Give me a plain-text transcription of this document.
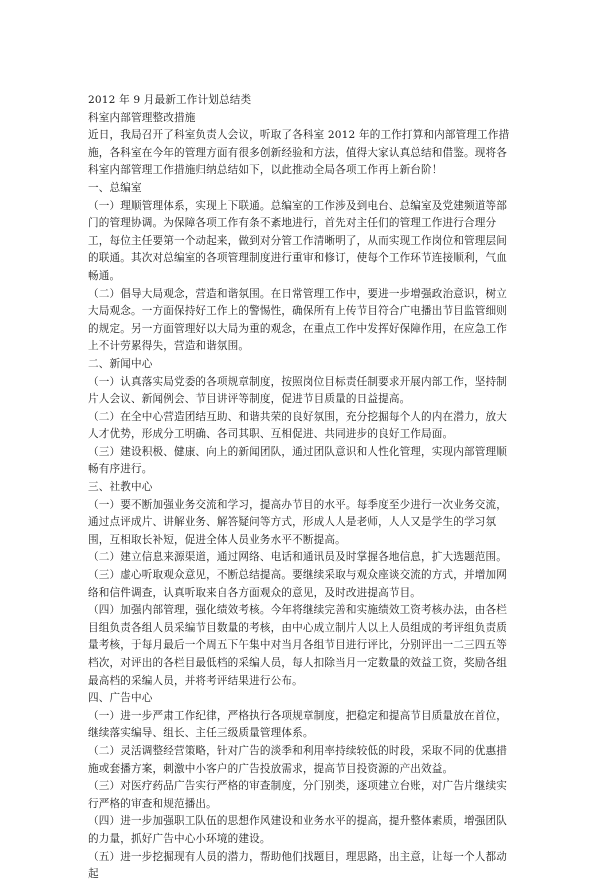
2012 年 9 月最新工作计划总结类

科室内部管理整改措施

近日，我局召开了科室负责人会议，听取了各科室 2012 年的工作打算和内部管理工作措施，各科室在今年的管理方面有很多创新经验和方法，值得大家认真总结和借鉴。现将各科室内部管理工作措施归纳总结如下，以此推动全局各项工作再上新台阶！

一、总编室

（一）理顺管理体系，实现上下联通。总编室的工作涉及到电台、总编室及党建频道等部门的管理协调。为保障各项工作有条不紊地进行，首先对主任们的管理工作进行合理分工，每位主任要第一个动起来，做到对分管工作清晰明了，从而实现工作岗位和管理层间的联通。其次对总编室的各项管理制度进行重审和修订，使每个工作环节连接顺利，气血畅通。

（二）倡导大局观念，营造和谐氛围。在日常管理工作中，要进一步增强政治意识，树立大局观念。一方面保持好工作上的警惕性，确保所有上传节目符合广电播出节目监管细则的规定。另一方面管理好以大局为重的观念，在重点工作中发挥好保障作用，在应急工作上不计劳累得失，营造和谐氛围。

二、新闻中心

（一）认真落实局党委的各项规章制度，按照岗位目标责任制要求开展内部工作，坚持制片人会议、新闻例会、节目讲评等制度，促进节目质量的日益提高。

（二）在全中心营造团结互助、和谐共荣的良好氛围，充分挖掘每个人的内在潜力，放大人才优势，形成分工明确、各司其职、互相促进、共同进步的良好工作局面。

（三）建设积极、健康、向上的新闻团队，通过团队意识和人性化管理，实现内部管理顺畅有序进行。

三、社教中心

（一）要不断加强业务交流和学习，提高办节目的水平。每季度至少进行一次业务交流，通过点评成片、讲解业务、解答疑问等方式，形成人人是老师，人人又是学生的学习氛围，互相取长补短，促进全体人员业务水平不断提高。

（二）建立信息来源渠道，通过网络、电话和通讯员及时掌握各地信息，扩大选题范围。

（三）虚心听取观众意见，不断总结提高。要继续采取与观众座谈交流的方式，并增加网络和信件调查，认真听取来自各方面观众的意见，及时改进提高节目。

（四）加强内部管理，强化绩效考核。今年将继续完善和实施绩效工资考核办法，由各栏目组负责各组人员采编节目数量的考核，由中心成立制片人以上人员组成的考评组负责质量考核，于每月最后一个周五下午集中对当月各组节目进行评比，分别评出一二三四五等档次，对评出的各栏目最低档的采编人员，每人扣除当月一定数量的效益工资，奖励各组最高档的采编人员，并将考评结果进行公布。

四、广告中心

（一）进一步严肃工作纪律，严格执行各项规章制度，把稳定和提高节目质量放在首位，继续落实编导、组长、主任三级质量管理体系。

（二）灵活调整经营策略，针对广告的淡季和利用率持续较低的时段，采取不同的优惠措施或套播方案，刺激中小客户的广告投放需求，提高节目投资源的产出效益。

（三）对医疗药品广告实行严格的审查制度，分门别类，逐项建立台账，对广告片继续实行严格的审查和规范播出。

（四）进一步加强职工队伍的思想作风建设和业务水平的提高，提升整体素质，增强团队的力量，抓好广告中心小环境的建设。

（五）进一步挖掘现有人员的潜力，帮助他们找题目，理思路，出主意，让每一个人都动起
